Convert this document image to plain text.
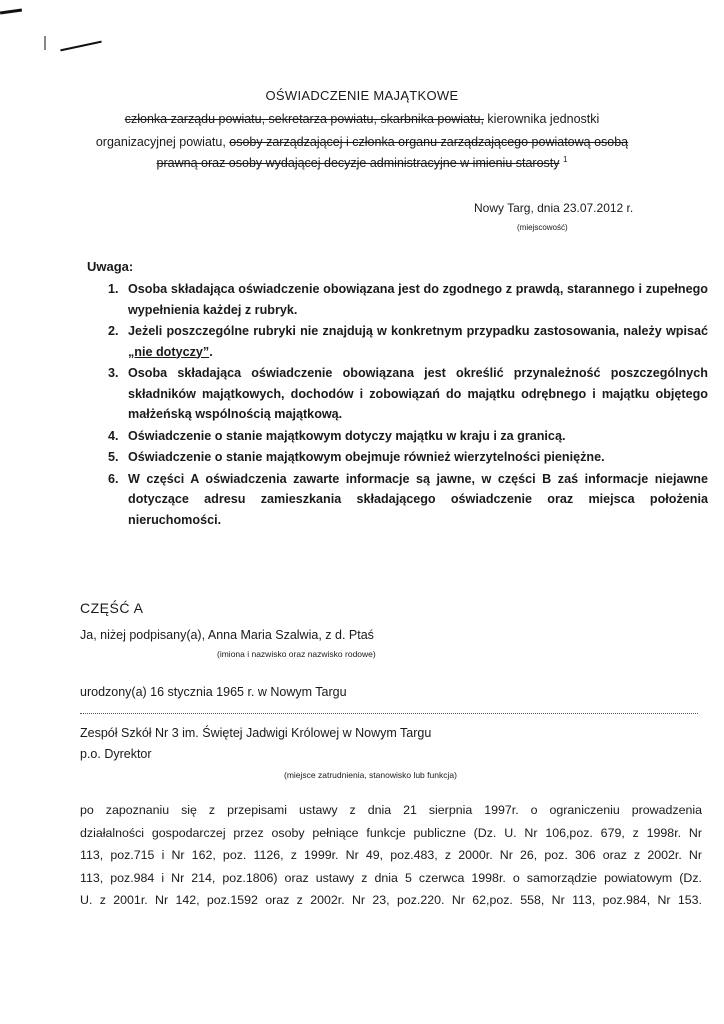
OŚWIADCZENIE MAJĄTKOWE
członka zarządu powiatu, sekretarza powiatu, skarbnika powiatu, kierownika jednostki
organizacyjnej powiatu, osoby zarządzającej i członka organu zarządzającego powiatową osobą
prawną oraz osoby wydającej decyzje administracyjne w imieniu starosty $^1$
Nowy Targ, dnia 23.07.2012 r.
(miejscowość)
Uwaga:
1. Osoba składająca oświadczenie obowiązana jest do zgodnego z prawdą, starannego i zupełnego wypełnienia każdej z rubryk.
2. Jeżeli poszczególne rubryki nie znajdują w konkretnym przypadku zastosowania, należy wpisać „nie dotyczy”.
3. Osoba składająca oświadczenie obowiązana jest określić przynależność poszczególnych składników majątkowych, dochodów i zobowiązań do majątku odrębnego i majątku objętego małżeńską wspólnością majątkową.
4. Oświadczenie o stanie majątkowym dotyczy majątku w kraju i za granicą.
5. Oświadczenie o stanie majątkowym obejmuje również wierzytelności pieniężne.
6. W części A oświadczenia zawarte informacje są jawne, w części B zaś informacje niejawne dotyczące adresu zamieszkania składającego oświadczenie oraz miejsca położenia nieruchomości.
CZĘŚĆ A
Ja, niżej podpisany(a), Anna Maria Szalwia, z d. Ptaś
(imiona i nazwisko oraz nazwisko rodowe)
urodzony(a) 16 stycznia 1965 r. w Nowym Targu
Zespół Szkół Nr 3 im. Świętej Jadwigi Królowej w Nowym Targu
p.o. Dyrektor
(miejsce zatrudnienia, stanowisko lub funkcja)
po zapoznaniu się z przepisami ustawy z dnia 21 sierpnia 1997r. o ograniczeniu prowadzenia
działalności gospodarczej przez osoby pełniące funkcje publiczne (Dz. U. Nr 106,poz. 679, z 1998r. Nr
113, poz.715 i Nr 162, poz. 1126, z 1999r. Nr 49, poz.483, z 2000r. Nr 26, poz. 306 oraz z 2002r. Nr
113, poz.984 i Nr 214, poz.1806) oraz ustawy z dnia 5 czerwca 1998r. o samorządzie powiatowym (Dz.
U. z 2001r. Nr 142, poz.1592 oraz z 2002r. Nr 23, poz.220. Nr 62,poz. 558, Nr 113, poz.984, Nr 153.
